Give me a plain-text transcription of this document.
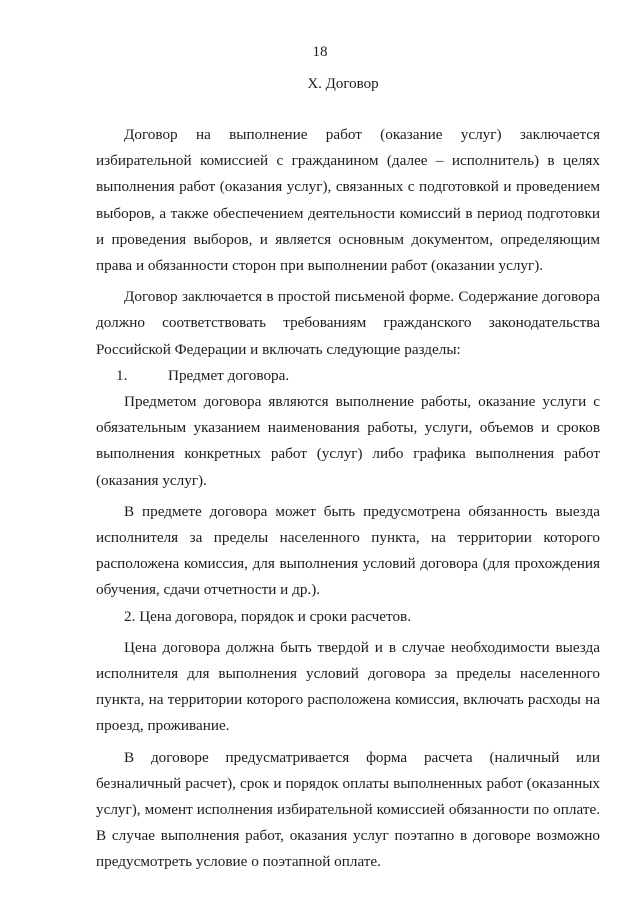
18
Х. Договор

Договор на выполнение работ (оказание услуг) заключается избирательной комиссией с гражданином (далее – исполнитель) в целях выполнения работ (оказания услуг), связанных с подготовкой и проведением выборов, а также обеспечением деятельности комиссий в период подготовки и проведения выборов, и является основным документом, определяющим права и обязанности сторон при выполнении работ (оказании услуг).

Договор заключается в простой письменой форме. Содержание договора должно соответствовать требованиям гражданского законодательства Российской Федерации и включать следующие разделы:

1.	Предмет договора.

Предметом договора являются выполнение работы, оказание услуги с обязательным указанием наименования работы, услуги, объемов и сроков выполнения конкретных работ (услуг) либо графика выполнения работ (оказания услуг).

В предмете договора может быть предусмотрена обязанность выезда исполнителя за пределы населенного пункта, на территории которого расположена комиссия, для выполнения условий договора (для прохождения обучения, сдачи отчетности и др.).

2. Цена договора, порядок и сроки расчетов.

Цена договора должна быть твердой и в случае необходимости выезда исполнителя для выполнения условий договора за пределы населенного пункта, на территории которого расположена комиссия, включать расходы на проезд, проживание.

В договоре предусматривается форма расчета (наличный или безналичный расчет), срок и порядок оплаты выполненных работ (оказанных услуг), момент исполнения избирательной комиссией обязанности по оплате. В случае выполнения работ, оказания услуг поэтапно в договоре возможно предусмотреть условие о поэтапной оплате.
